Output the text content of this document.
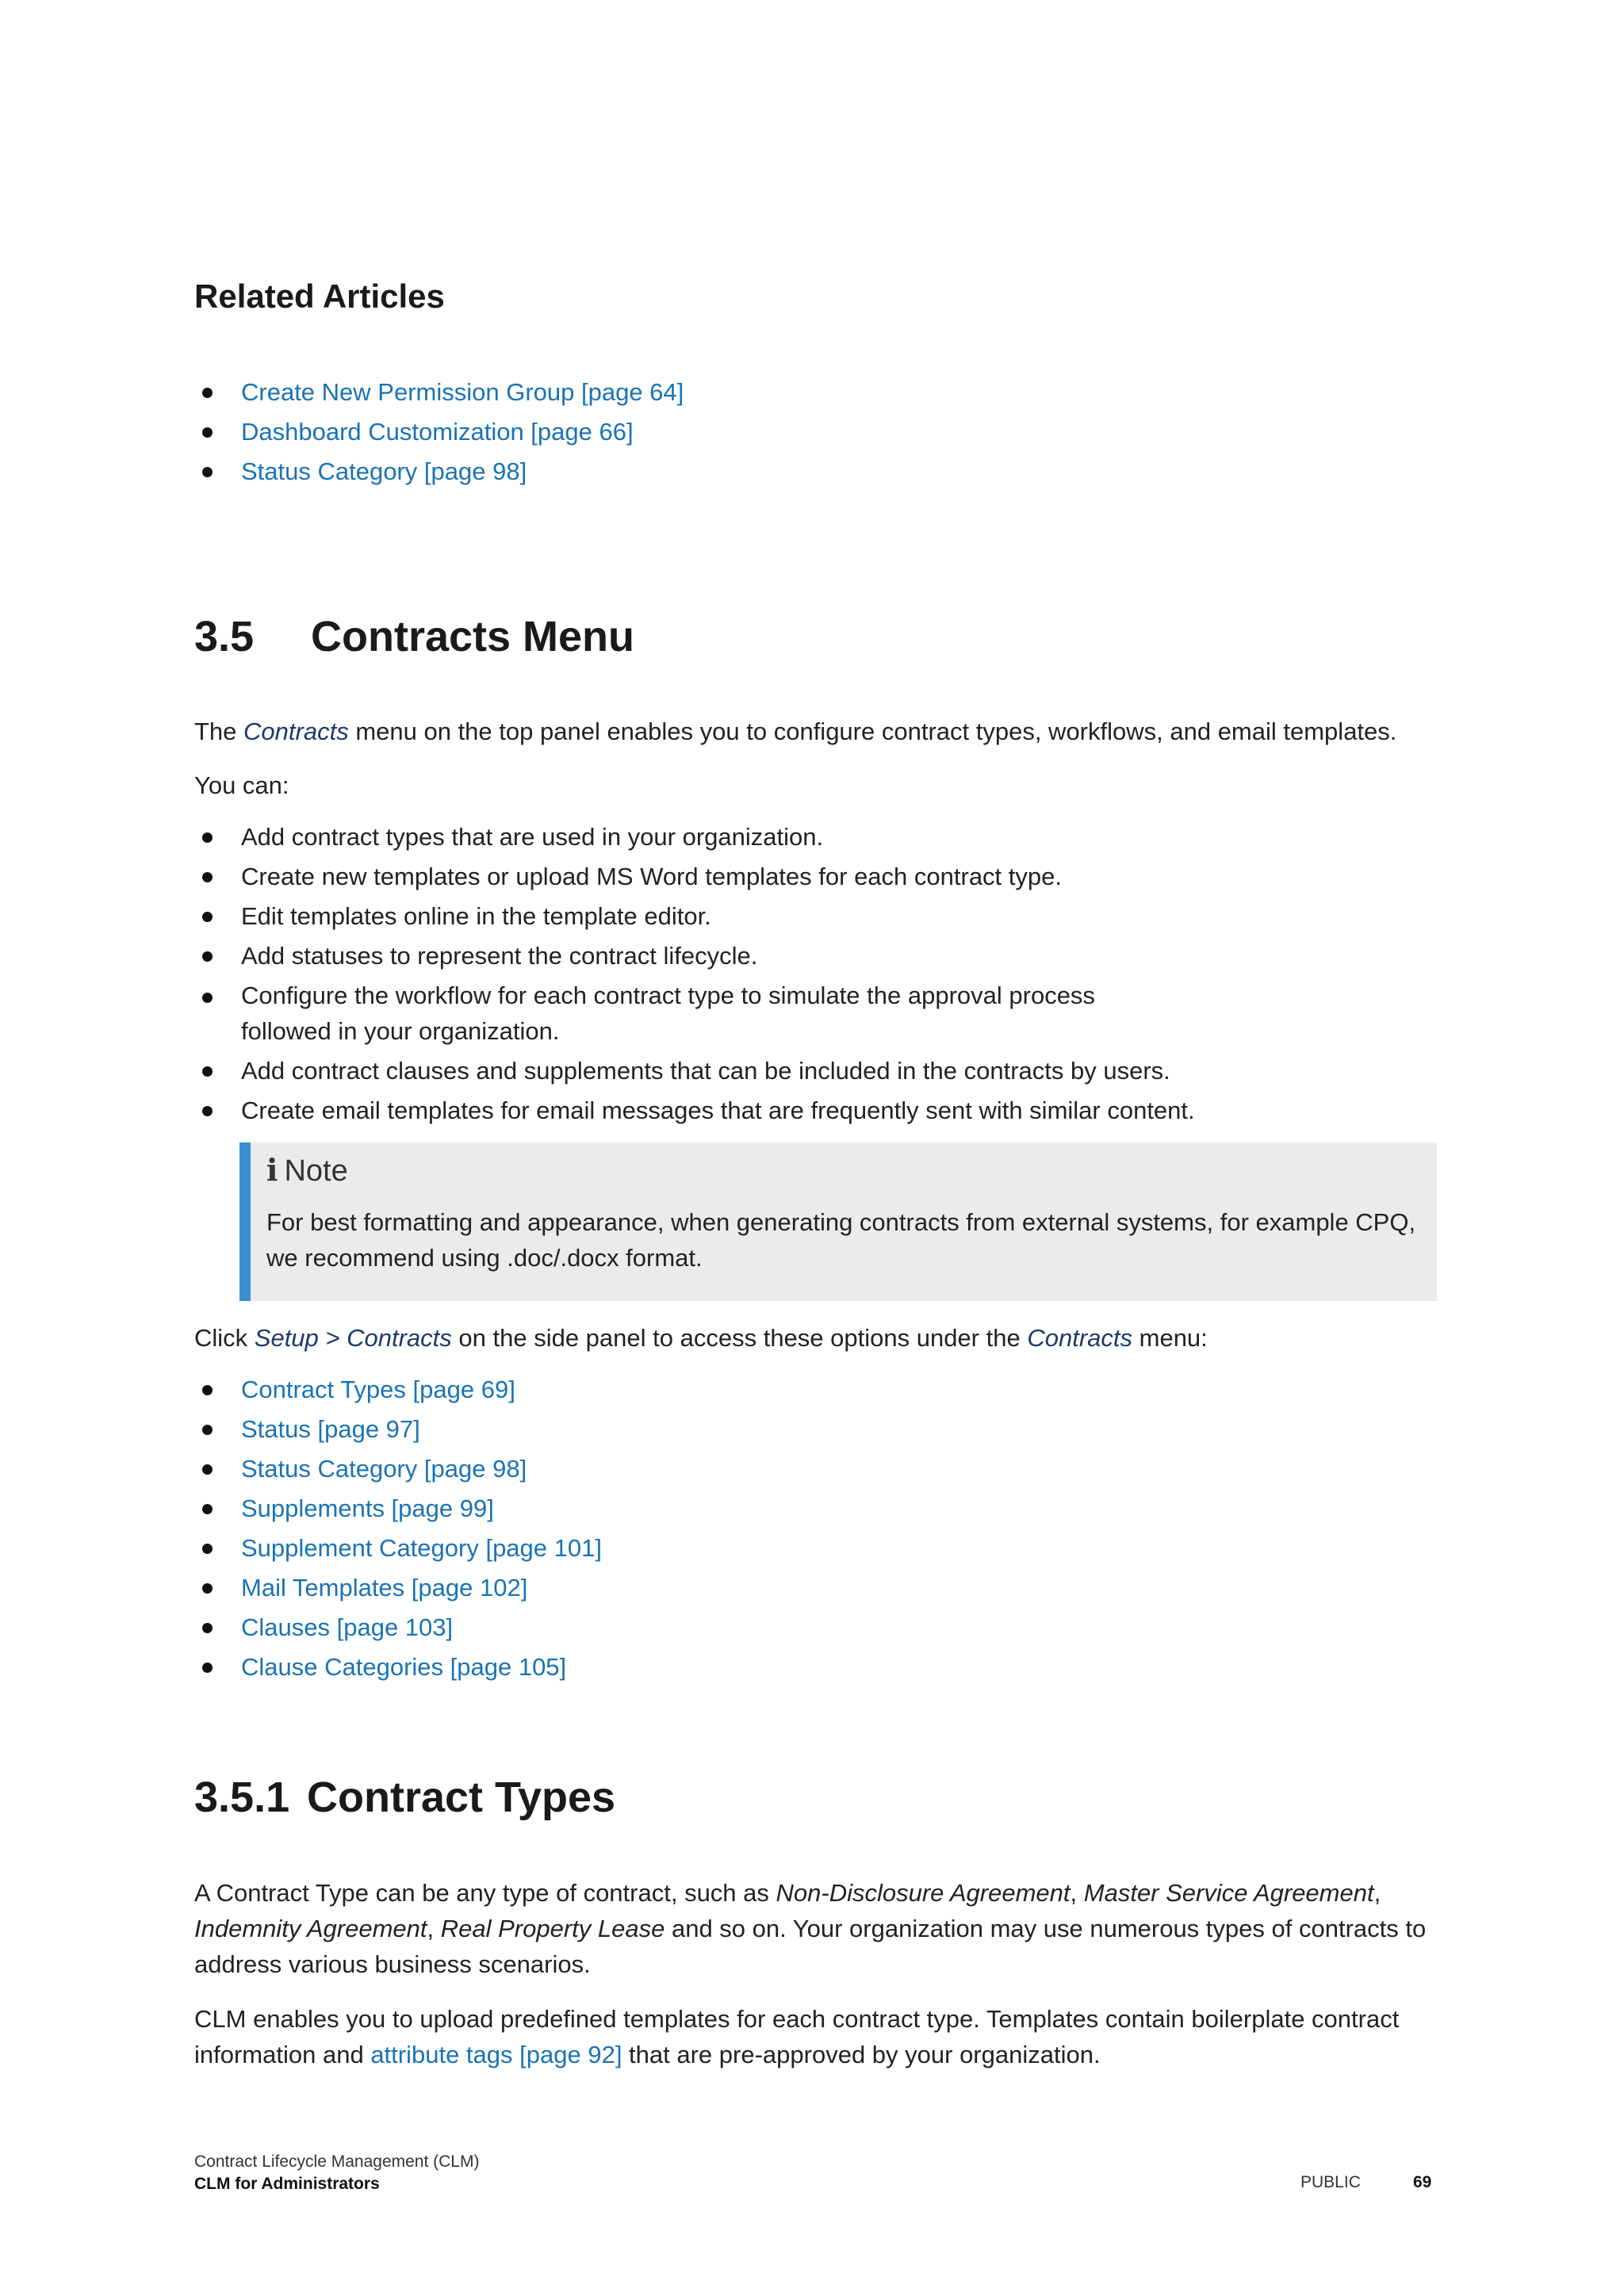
Related Articles
Create New Permission Group [page 64]
Dashboard Customization [page 66]
Status Category [page 98]
3.5 Contracts Menu

The Contracts menu on the top panel enables you to configure contract types, workflows, and email templates.

You can:

Add contract types that are used in your organization.
Create new templates or upload MS Word templates for each contract type.
Edit templates online in the template editor.
Add statuses to represent the contract lifecycle.
Configure the workflow for each contract type to simulate the approval process followed in your organization.
Add contract clauses and supplements that can be included in the contracts by users.
Create email templates for email messages that are frequently sent with similar content.
i Note
For best formatting and appearance, when generating contracts from external systems, for example CPQ, we recommend using .doc/.docx format.

Click Setup > Contracts on the side panel to access these options under the Contracts menu:

Contract Types [page 69]
Status [page 97]
Status Category [page 98]
Supplements [page 99]
Supplement Category [page 101]
Mail Templates [page 102]
Clauses [page 103]
Clause Categories [page 105]
3.5.1 Contract Types

A Contract Type can be any type of contract, such as Non-Disclosure Agreement, Master Service Agreement, Indemnity Agreement, Real Property Lease and so on. Your organization may use numerous types of contracts to address various business scenarios.

CLM enables you to upload predefined templates for each contract type. Templates contain boilerplate contract information and attribute tags [page 92] that are pre-approved by your organization.

Contract Lifecycle Management (CLM)
CLM for Administrators	PUBLIC	69
